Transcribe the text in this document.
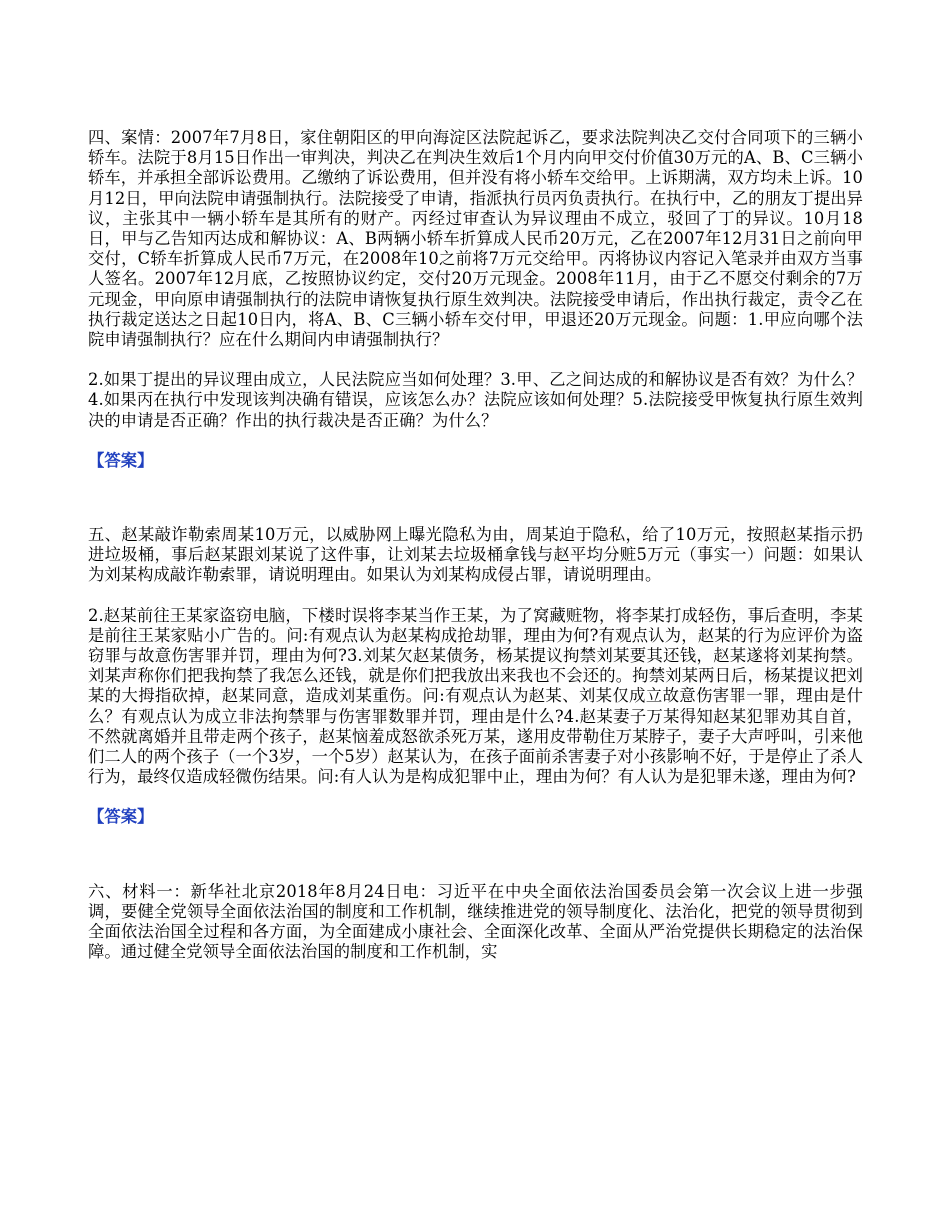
四、案情：2007年7月8日，家住朝阳区的甲向海淀区法院起诉乙，要求法院判决乙交付合同项下的三辆小轿车。法院于8月15日作出一审判决，判决乙在判决生效后1个月内向甲交付价值30万元的A、B、C三辆小轿车，并承担全部诉讼费用。乙缴纳了诉讼费用，但并没有将小轿车交给甲。上诉期满，双方均未上诉。10月12日，甲向法院申请强制执行。法院接受了申请，指派执行员丙负责执行。在执行中，乙的朋友丁提出异议，主张其中一辆小轿车是其所有的财产。丙经过审查认为异议理由不成立，驳回了丁的异议。10月18日，甲与乙告知丙达成和解协议：A、B两辆小轿车折算成人民币20万元，乙在2007年12月31日之前向甲交付，C轿车折算成人民币7万元，在2008年10之前将7万元交给甲。丙将协议内容记入笔录并由双方当事人签名。2007年12月底，乙按照协议约定，交付20万元现金。2008年11月，由于乙不愿交付剩余的7万元现金，甲向原申请强制执行的法院申请恢复执行原生效判决。法院接受申请后，作出执行裁定，责令乙在执行裁定送达之日起10日内，将A、B、C三辆小轿车交付甲，甲退还20万元现金。问题：1.甲应向哪个法院申请强制执行？应在什么期间内申请强制执行？

2.如果丁提出的异议理由成立，人民法院应当如何处理？3.甲、乙之间达成的和解协议是否有效？为什么？4.如果丙在执行中发现该判决确有错误，应该怎么办？法院应该如何处理？5.法院接受甲恢复执行原生效判决的申请是否正确？作出的执行裁决是否正确？为什么？

【答案】

五、赵某敲诈勒索周某10万元，以威胁网上曝光隐私为由，周某迫于隐私，给了10万元，按照赵某指示扔进垃圾桶，事后赵某跟刘某说了这件事，让刘某去垃圾桶拿钱与赵平均分赃5万元（事实一）问题：如果认为刘某构成敲诈勒索罪，请说明理由。如果认为刘某构成侵占罪，请说明理由。

2.赵某前往王某家盗窃电脑，下楼时误将李某当作王某，为了窝藏赃物，将李某打成轻伤，事后查明，李某是前往王某家贴小广告的。问:有观点认为赵某构成抢劫罪，理由为何?有观点认为，赵某的行为应评价为盗窃罪与故意伤害罪并罚，理由为何?3.刘某欠赵某债务，杨某提议拘禁刘某要其还钱，赵某遂将刘某拘禁。刘某声称你们把我拘禁了我怎么还钱，就是你们把我放出来我也不会还的。拘禁刘某两日后，杨某提议把刘某的大拇指砍掉，赵某同意，造成刘某重伤。问:有观点认为赵某、刘某仅成立故意伤害罪一罪，理由是什么？有观点认为成立非法拘禁罪与伤害罪数罪并罚，理由是什么?4.赵某妻子万某得知赵某犯罪劝其自首，不然就离婚并且带走两个孩子，赵某恼羞成怒欲杀死万某，遂用皮带勒住万某脖子，妻子大声呼叫，引来他们二人的两个孩子（一个3岁，一个5岁）赵某认为，在孩子面前杀害妻子对小孩影响不好，于是停止了杀人行为，最终仅造成轻微伤结果。问:有人认为是构成犯罪中止，理由为何？有人认为是犯罪未遂，理由为何?

【答案】

六、材料一：新华社北京2018年8月24日电：习近平在中央全面依法治国委员会第一次会议上进一步强调，要健全党领导全面依法治国的制度和工作机制，继续推进党的领导制度化、法治化，把党的领导贯彻到全面依法治国全过程和各方面，为全面建成小康社会、全面深化改革、全面从严治党提供长期稳定的法治保障。通过健全党领导全面依法治国的制度和工作机制，实
